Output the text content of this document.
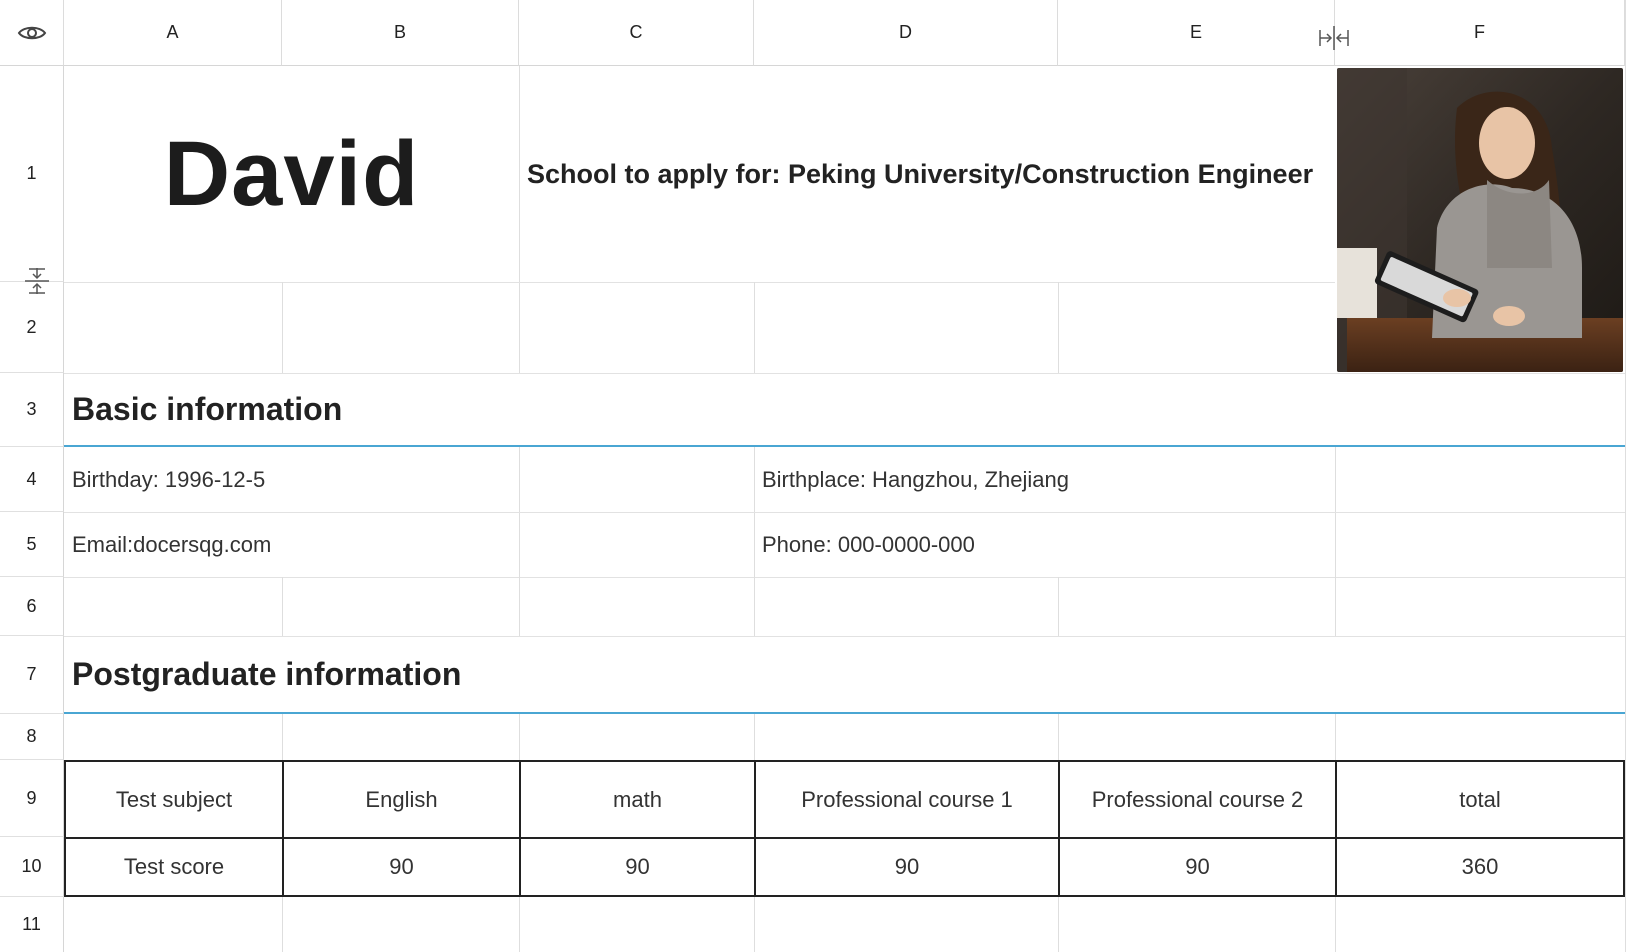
A	B	C	D	E	F
1
2
3
4
5
6
7
8
9
10
11
David	School to apply for: Peking University/Construction Engineer
Basic information
Birthday: 1996-12-5	Birthplace: Hangzhou, Zhejiang
Email:docersqg.com	Phone: 000-0000-000
Postgraduate information
Test subject	English	math	Professional course 1	Professional course 2	total
Test score	90	90	90	90	360
